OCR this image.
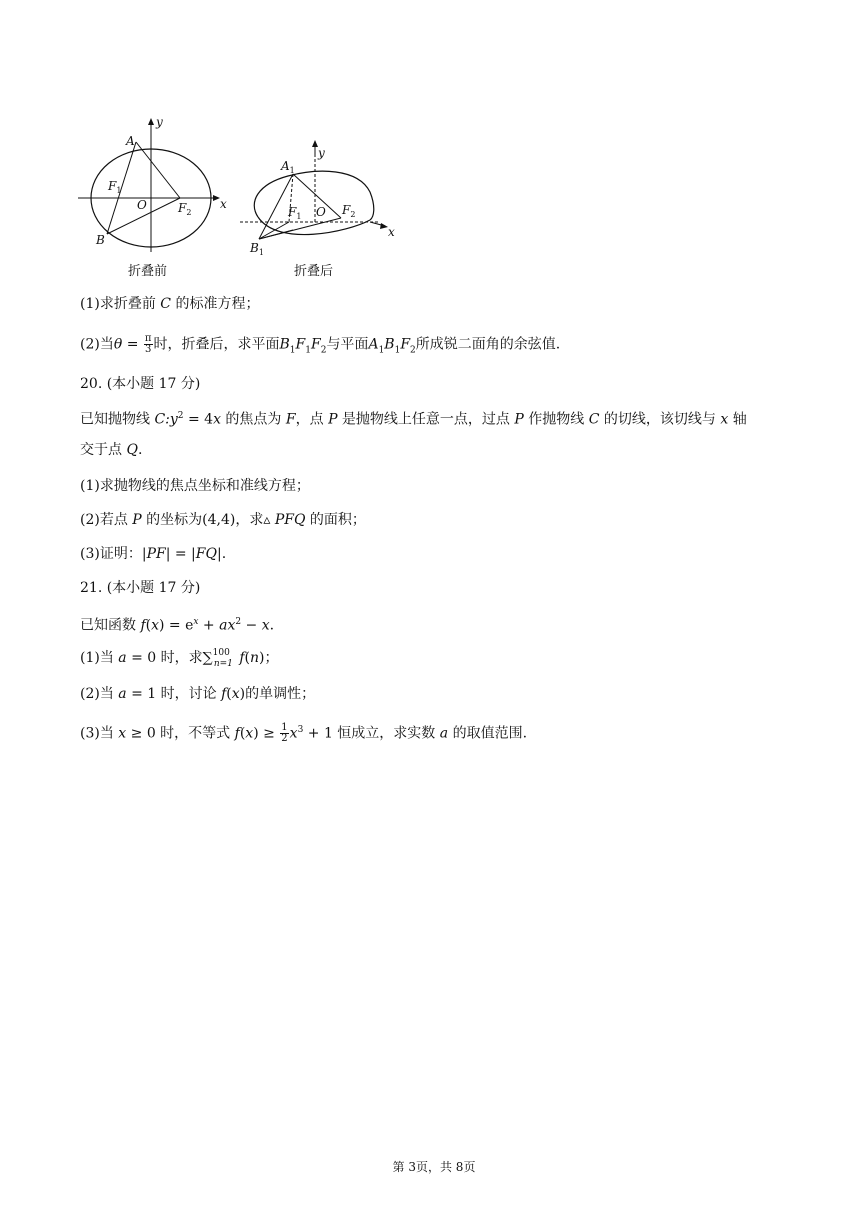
y
x
A
B
$F_1$
O	$F_2$
折叠前
y
x
$A_1$
$B_1$
$F_1$ O $F_2$
折叠后
(1)求折叠前 C 的标准方程；
(2)当$\theta = \frac{\pi}{3}$ 时，折叠后，求平面$B_1F_1F_2$与平面$A_1B_1F_2$所成锐二面角的余弦值.
20. (本小题 17 分)
已知抛物线 $C:y^2 = 4x$ 的焦点为 F，点 P 是抛物线上任意一点，过点 P 作抛物线 C 的切线，该切线与 x 轴
交于点 Q.
(1)求抛物线的焦点坐标和准线方程；
(2)若点 P 的坐标为(4,4)，求▵ PFQ 的面积；
(3)证明：|PF| = |FQ|.
21. (本小题 17 分)
已知函数 $f(x) = e^x + ax^2 - x$.
(1)当 a = 0 时，求∑$^{100}_{n=1}$ f(n)；
(2)当 a = 1 时，讨论 f(x)的单调性；
(3)当 x ≥ 0 时，不等式 $f(x) \ge \frac{1}{2} x^3 + 1$ 恒成立，求实数 a 的取值范围.
第 3页，共 8页
